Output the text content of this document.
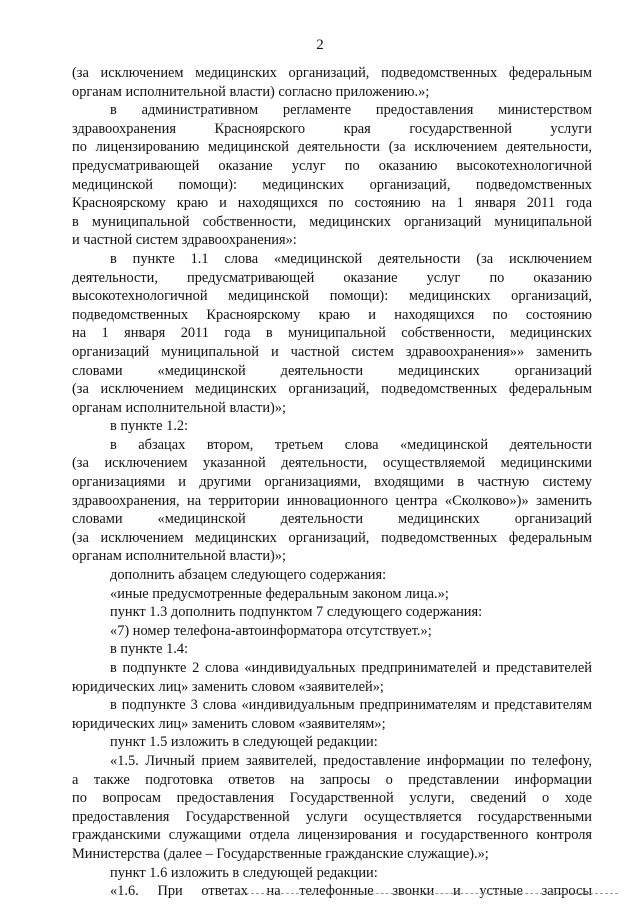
2
(за исключением медицинских организаций, подведомственных федеральным
органам исполнительной власти) согласно приложению.»;
в административном регламенте предоставления министерством
здравоохранения Красноярского края государственной услуги
по лицензированию медицинской деятельности (за исключением деятельности,
предусматривающей оказание услуг по оказанию высокотехнологичной
медицинской помощи): медицинских организаций, подведомственных
Красноярскому краю и находящихся по состоянию на 1 января 2011 года
в муниципальной собственности, медицинских организаций муниципальной
и частной систем здравоохранения»:
в пункте 1.1 слова «медицинской деятельности (за исключением
деятельности, предусматривающей оказание услуг по оказанию
высокотехнологичной медицинской помощи): медицинских организаций,
подведомственных Красноярскому краю и находящихся по состоянию
на 1 января 2011 года в муниципальной собственности, медицинских
организаций муниципальной и частной систем здравоохранения»» заменить
словами «медицинской деятельности медицинских организаций
(за исключением медицинских организаций, подведомственных федеральным
органам исполнительной власти)»;
в пункте 1.2:
в абзацах втором, третьем слова «медицинской деятельности
(за исключением указанной деятельности, осуществляемой медицинскими
организациями и другими организациями, входящими в частную систему
здравоохранения, на территории инновационного центра «Сколково»)» заменить
словами «медицинской деятельности медицинских организаций
(за исключением медицинских организаций, подведомственных федеральным
органам исполнительной власти)»;
дополнить абзацем следующего содержания:
«иные предусмотренные федеральным законом лица.»;
пункт 1.3 дополнить подпунктом 7 следующего содержания:
«7) номер телефона-автоинформатора отсутствует.»;
в пункте 1.4:
в подпункте 2 слова «индивидуальных предпринимателей и представителей
юридических лиц» заменить словом «заявителей»;
в подпункте 3 слова «индивидуальным предпринимателям и представителям
юридических лиц» заменить словом «заявителям»;
пункт 1.5 изложить в следующей редакции:
«1.5. Личный прием заявителей, предоставление информации по телефону,
а также подготовка ответов на запросы о представлении информации
по вопросам предоставления Государственной услуги, сведений о ходе
предоставления Государственной услуги осуществляется государственными
гражданскими служащими отдела лицензирования и государственного контроля
Министерства (далее – Государственные гражданские служащие).»;
пункт 1.6 изложить в следующей редакции:
«1.6. При ответах на телефонные звонки и устные запросы
